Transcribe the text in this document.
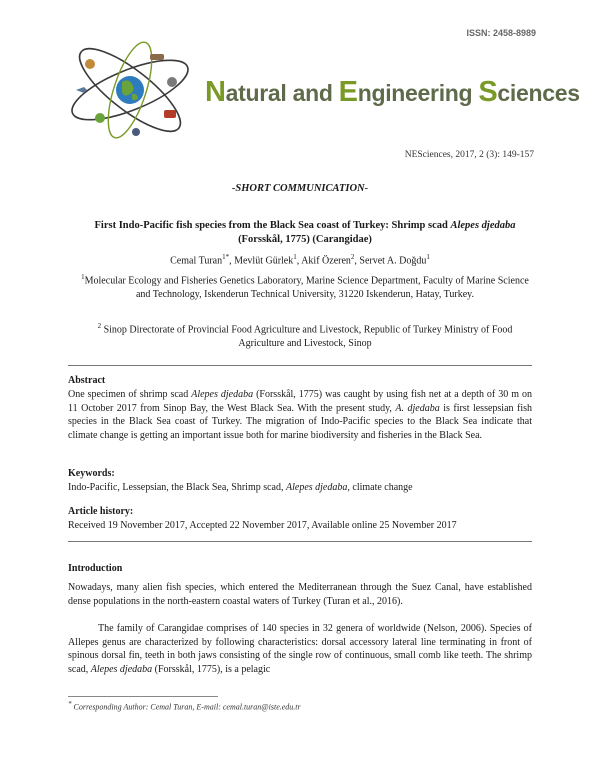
ISSN: 2458-8989
Natural and Engineering Sciences
NESciences, 2017, 2 (3): 149-157
-SHORT COMMUNICATION-
First Indo-Pacific fish species from the Black Sea coast of Turkey: Shrimp scad Alepes djedaba (Forsskål, 1775) (Carangidae)
Cemal Turan$^{1*}$, Mevlüt Gürlek$^1$, Akif Özeren$^2$, Servet A. Doğdu$^1$
$^1$Molecular Ecology and Fisheries Genetics Laboratory, Marine Science Department, Faculty of Marine Science and Technology, Iskenderun Technical University, 31220 Iskenderun, Hatay, Turkey.
$^2$ Sinop Directorate of Provincial Food Agriculture and Livestock, Republic of Turkey Ministry of Food Agriculture and Livestock, Sinop
Abstract
One specimen of shrimp scad Alepes djedaba (Forsskål, 1775) was caught by using fish net at a depth of 30 m on 11 October 2017 from Sinop Bay, the West Black Sea. With the present study, A. djedaba is first lessepsian fish species in the Black Sea coast of Turkey. The migration of Indo-Pacific species to the Black Sea indicate that climate change is getting an important issue both for marine biodiversity and fisheries in the Black Sea.
Keywords:
Indo-Pacific, Lessepsian, the Black Sea, Shrimp scad, Alepes djedaba, climate change
Article history:
Received 19 November 2017, Accepted 22 November 2017, Available online 25 November 2017
Introduction
Nowadays, many alien fish species, which entered the Mediterranean through the Suez Canal, have established dense populations in the north-eastern coastal waters of Turkey (Turan et al., 2016).
The family of Carangidae comprises of 140 species in 32 genera of worldwide (Nelson, 2006). Species of Allepes genus are characterized by following characteristics: dorsal accessory lateral line terminating in front of spinous dorsal fin, teeth in both jaws consisting of the single row of continuous, small comb like teeth. The shrimp scad, Alepes djedaba (Forsskål, 1775), is a pelagic
* Corresponding Author: Cemal Turan, E-mail: cemal.turan@iste.edu.tr
